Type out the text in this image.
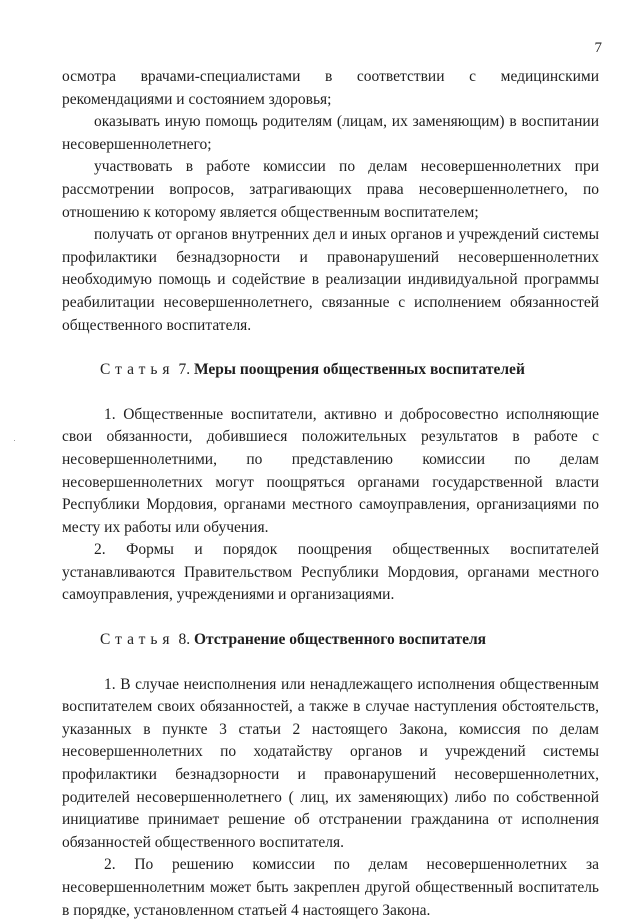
7

осмотра врачами-специалистами в соответствии с медицинскими рекомендациями и состоянием здоровья;

оказывать иную помощь родителям (лицам, их заменяющим) в воспитании несовершеннолетнего;

участвовать в работе комиссии по делам несовершеннолетних при рассмотрении вопросов, затрагивающих права несовершеннолетнего, по отношению к которому является общественным воспитателем;

получать от органов внутренних дел и иных органов и учреждений системы профилактики безнадзорности и правонарушений несовершеннолетних необходимую помощь и содействие в реализации индивидуальной программы реабилитации несовершеннолетнего, связанные с исполнением обязанностей общественного воспитателя.

Статья 7. Меры поощрения общественных воспитателей

1. Общественные воспитатели, активно и добросовестно исполняющие свои обязанности, добившиеся положительных результатов в работе с несовершеннолетними, по представлению комиссии по делам несовершеннолетних могут поощряться органами государственной власти Республики Мордовия, органами местного самоуправления, организациями по месту их работы или обучения.

2. Формы и порядок поощрения общественных воспитателей устанавливаются Правительством Республики Мордовия, органами местного самоуправления, учреждениями и организациями.

Статья 8. Отстранение общественного воспитателя

1. В случае неисполнения или ненадлежащего исполнения общественным воспитателем своих обязанностей, а также в случае наступления обстоятельств, указанных в пункте 3 статьи 2 настоящего Закона, комиссия по делам несовершеннолетних по ходатайству органов и учреждений системы профилактики безнадзорности и правонарушений несовершеннолетних, родителей несовершеннолетнего ( лиц, их заменяющих) либо по собственной инициативе принимает решение об отстранении гражданина от исполнения обязанностей общественного воспитателя.

2. По решению комиссии по делам несовершеннолетних за несовершеннолетним может быть закреплен другой общественный воспитатель в порядке, установленном статьей 4 настоящего Закона.
